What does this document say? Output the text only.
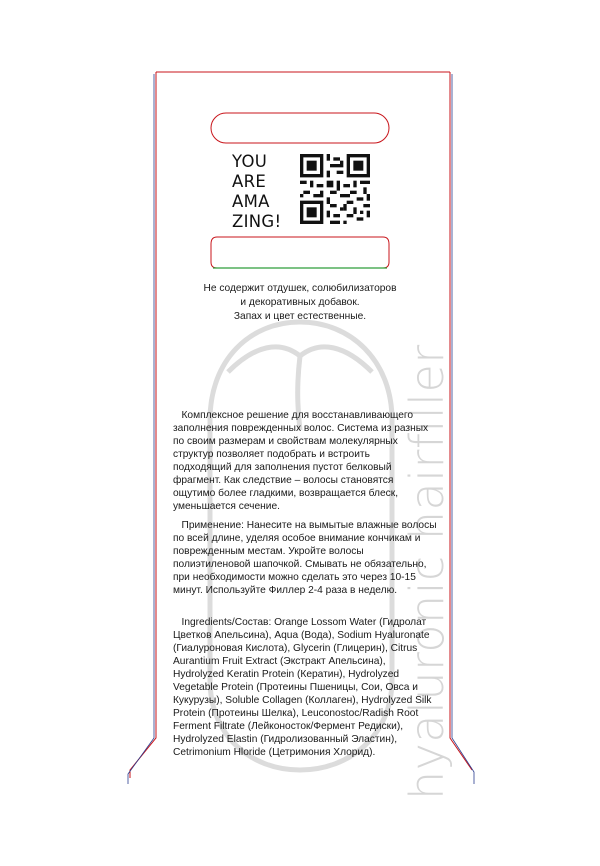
hyaluronic hairfiller
YOU
ARE
AMA
ZING!
Не содержит отдушек, солюбилизаторов
и декоративных добавок.
Запах и цвет естественные.
Комплексное решение для восстанавливающего
заполнения поврежденных волос. Система из разных
по своим размерам и свойствам молекулярных
структур позволяет подобрать и встроить
подходящий для заполнения пустот белковый
фрагмент. Как следствие – волосы становятся
ощутимо более гладкими, возвращается блеск,
уменьшается сечение.
Применение: Нанесите на вымытые влажные волосы
по всей длине, уделяя особое внимание кончикам и
поврежденным местам. Укройте волосы
полиэтиленовой шапочкой. Смывать не обязательно,
при необходимости можно сделать это через 10-15
минут. Используйте Филлер 2-4 раза в неделю.
Ingredients/Состав: Orange Lossom Water (Гидролат
Цветков Апельсина), Aqua (Вода), Sodium Hyaluronate
(Гиалуроновая Кислота), Glycerin (Глицерин), Citrus
Aurantium Fruit Extract (Экстракт Апельсина),
Hydrolyzed Keratin Protein (Кератин), Hydrolyzed
Vegetable Protein (Протеины Пшеницы, Сои, Овса и
Кукурузы), Soluble Collagen (Коллаген), Hydrolyzed Silk
Protein (Протеины Шелка), Leuconostoc/Radish Root
Ferment Filtrate (Лейконосток/Фермент Редиски),
Hydrolyzed Elastin (Гидролизованный Эластин),
Cetrimonium Hloride (Цетримония Хлорид).
